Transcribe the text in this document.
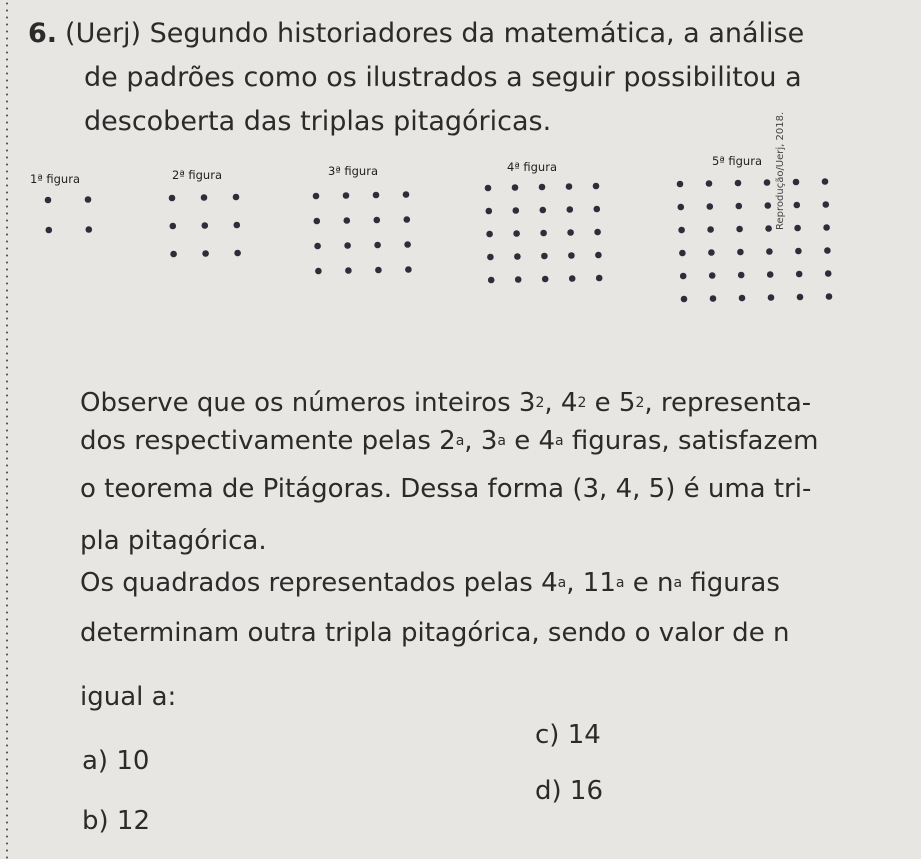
6. (Uerj) Segundo historiadores da matemática, a análise
de padrões como os ilustrados a seguir possibilitou a
descoberta das triplas pitagóricas.
1ª figura	2ª figura	3ª figura	4ª figura	5ª figura Reprodução/Uerj, 2018.
Observe que os números inteiros $3^2$, $4^2$ e $5^2$, representa-
dos respectivamente pelas 2$^a$, 3$^a$ e 4$^a$ figuras, satisfazem
o teorema de Pitágoras. Dessa forma (3, 4, 5) é uma tri-
pla pitagórica.
Os quadrados representados pelas 4$^a$, 11$^a$ e $n^a$ figuras
determinam outra tripla pitagórica, sendo o valor de n
igual a:
a) 10
b) 12
c) 14
d) 16
